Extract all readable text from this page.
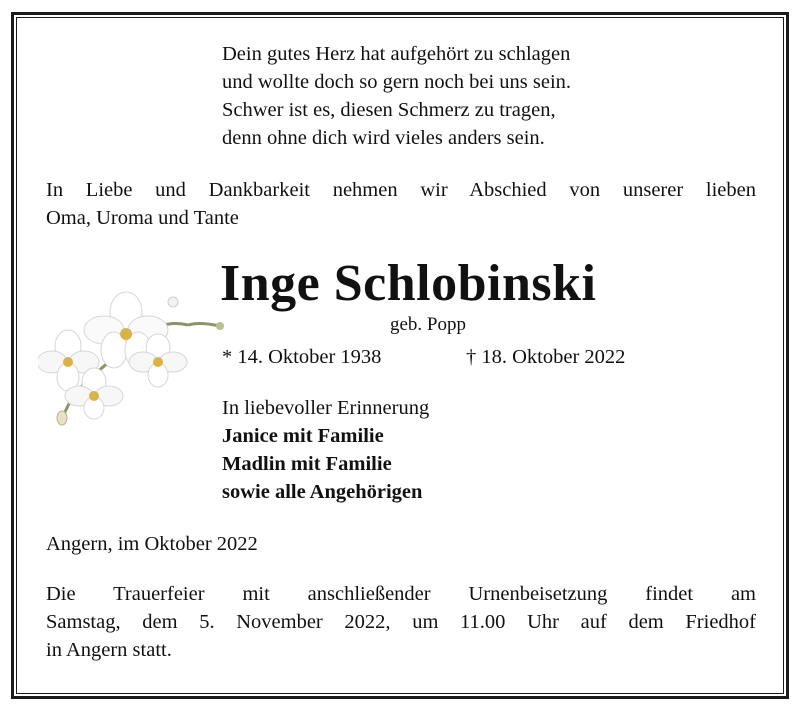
Dein gutes Herz hat aufgehört zu schlagen
und wollte doch so gern noch bei uns sein.
Schwer ist es, diesen Schmerz zu tragen,
denn ohne dich wird vieles anders sein.
In Liebe und Dankbarkeit nehmen wir Abschied von unserer lieben
Oma, Uroma und Tante
Inge Schlobinski
geb. Popp
* 14. Oktober 1938	† 18. Oktober 2022
In liebevoller Erinnerung
Janice mit Familie
Madlin mit Familie
sowie alle Angehörigen
Angern, im Oktober 2022
Die Trauerfeier mit anschließender Urnenbeisetzung findet am
Samstag, dem 5. November 2022, um 11.00 Uhr auf dem Friedhof
in Angern statt.
